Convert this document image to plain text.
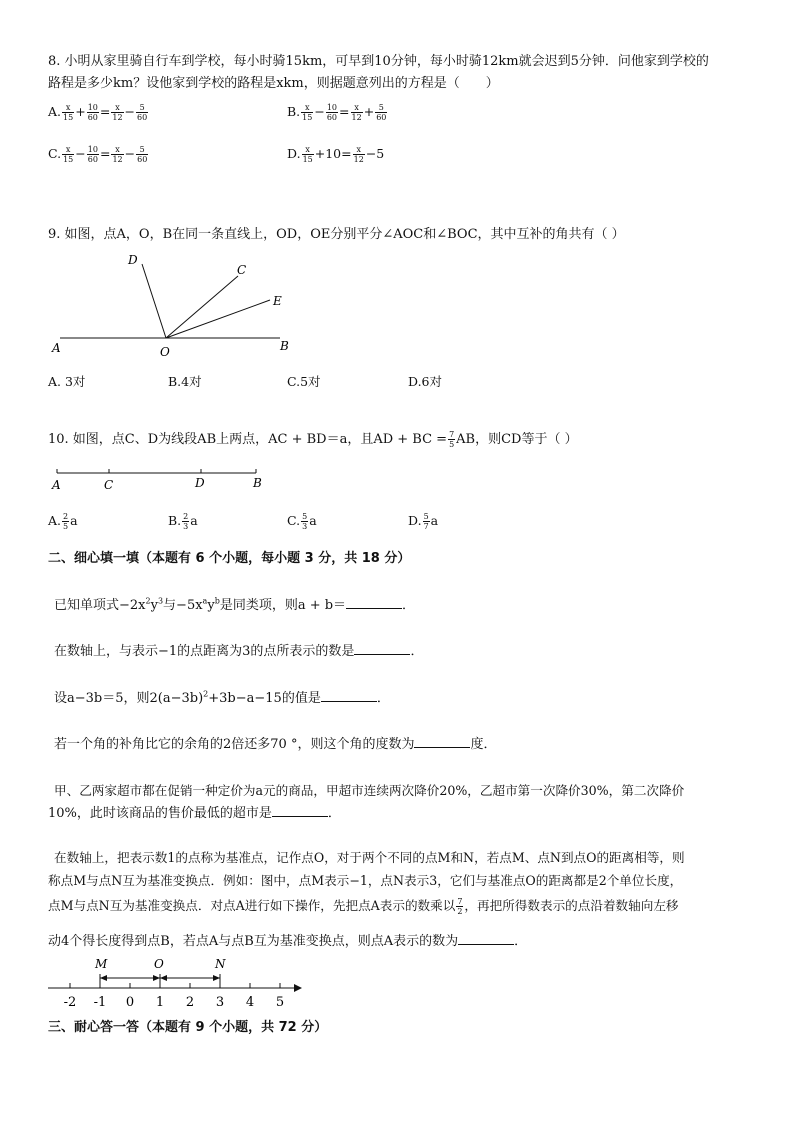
8. 小明从家里骑自行车到学校，每小时骑15km，可早到10分钟，每小时骑12km就会迟到5分钟．问他家到学校的
路程是多少km？设他家到学校的路程是xkm，则据题意列出的方程是（　　）
A. $\frac{x}{15} + \frac{10}{60} = \frac{x}{12} - \frac{5}{60}$	B. $\frac{x}{15} - \frac{10}{60} = \frac{x}{12} + \frac{5}{60}$
C. $\frac{x}{15} - \frac{10}{60} = \frac{x}{12} - \frac{5}{60}$	D. $\frac{x}{15} +10= \frac{x}{12} -5$
9. 如图，点A，O，B在同一条直线上，OD，OE分别平分∠AOC和∠BOC，其中互补的角共有（ ）
A	O	B
D
C
E
A. 3对	B.4对	C.5对	D.6对
10. 如图，点C、D为线段AB上两点，AC + BD＝a，且AD + BC = $\frac{7}{5}$ AB，则CD等于（ ）
A	C	D	B
A. $\frac{2}{5}$ a	B. $\frac{2}{3}$ a	C. $\frac{5}{3}$ a	D. $\frac{5}{7}$ a
二、细心填一填（本题有 6 个小题，每小题 3 分，共 18 分）
已知单项式$-2x^2y^3$与$-5x^ay^b$是同类项，则a + b＝	．
在数轴上，与表示−1的点距离为3的点所表示的数是	．
设a−3b＝5，则$2(a-3b)^2+3b-a-15$的值是	．
若一个角的补角比它的余角的2倍还多70 °，则这个角的度数为	度．
甲、乙两家超市都在促销一种定价为a元的商品，甲超市连续两次降价20%，乙超市第一次降价30%，第二次降价
10%，此时该商品的售价最低的超市是	．
在数轴上，把表示数1的点称为基准点，记作点O，对于两个不同的点M和N，若点M、点N到点O的距离相等，则
称点M与点N互为基准变换点．例如：图中，点M表示−1，点N表示3，它们与基准点O的距离都是2个单位长度，
点M与点N互为基准变换点．对点A进行如下操作，先把点A表示的数乘以 $\frac{7}{2}$ ，再把所得数表示的点沿着数轴向左移
动4个得长度得到点B，若点A与点B互为基准变换点，则点A表示的数为	．
-2 -1 0 1 2 3 4 5
M	O	N
三、耐心答一答（本题有 9 个小题，共 72 分）
